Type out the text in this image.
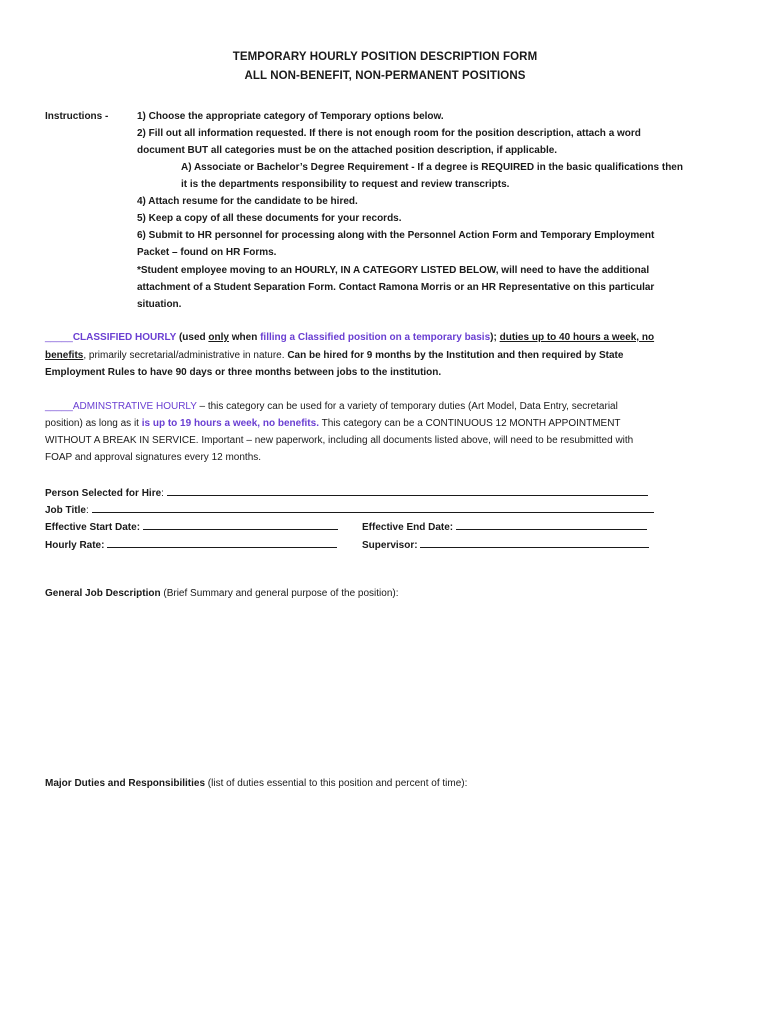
TEMPORARY HOURLY POSITION DESCRIPTION FORM
ALL NON-BENEFIT, NON-PERMANENT POSITIONS
Instructions -	1) Choose the appropriate category of Temporary options below.
2) Fill out all information requested. If there is not enough room for the position description, attach a word
document BUT all categories must be on the attached position description, if applicable.
A) Associate or Bachelor’s Degree Requirement - If a degree is REQUIRED in the basic qualifications then
it is the departments responsibility to request and review transcripts.
4) Attach resume for the candidate to be hired.
5) Keep a copy of all these documents for your records.
6) Submit to HR personnel for processing along with the Personnel Action Form and Temporary Employment
Packet – found on HR Forms.
*Student employee moving to an HOURLY, IN A CATEGORY LISTED BELOW, will need to have the additional
attachment of a Student Separation Form. Contact Ramona Morris or an HR Representative on this particular
situation.
_____CLASSIFIED HOURLY (used only when filling a Classified position on a temporary basis); duties up to 40 hours a week, no
benefits, primarily secretarial/administrative in nature. Can be hired for 9 months by the Institution and then required by State
Employment Rules to have 90 days or three months between jobs to the institution.
_____ADMINSTRATIVE HOURLY – this category can be used for a variety of temporary duties (Art Model, Data Entry, secretarial
position) as long as it is up to 19 hours a week, no benefits. This category can be a CONTINUOUS 12 MONTH APPOINTMENT
WITHOUT A BREAK IN SERVICE. Important – new paperwork, including all documents listed above, will need to be resubmitted with
FOAP and approval signatures every 12 months.
Person Selected for Hire:
Job Title:
Effective Start Date:	Effective End Date:
Hourly Rate:	Supervisor:
General Job Description (Brief Summary and general purpose of the position):
Major Duties and Responsibilities (list of duties essential to this position and percent of time):
